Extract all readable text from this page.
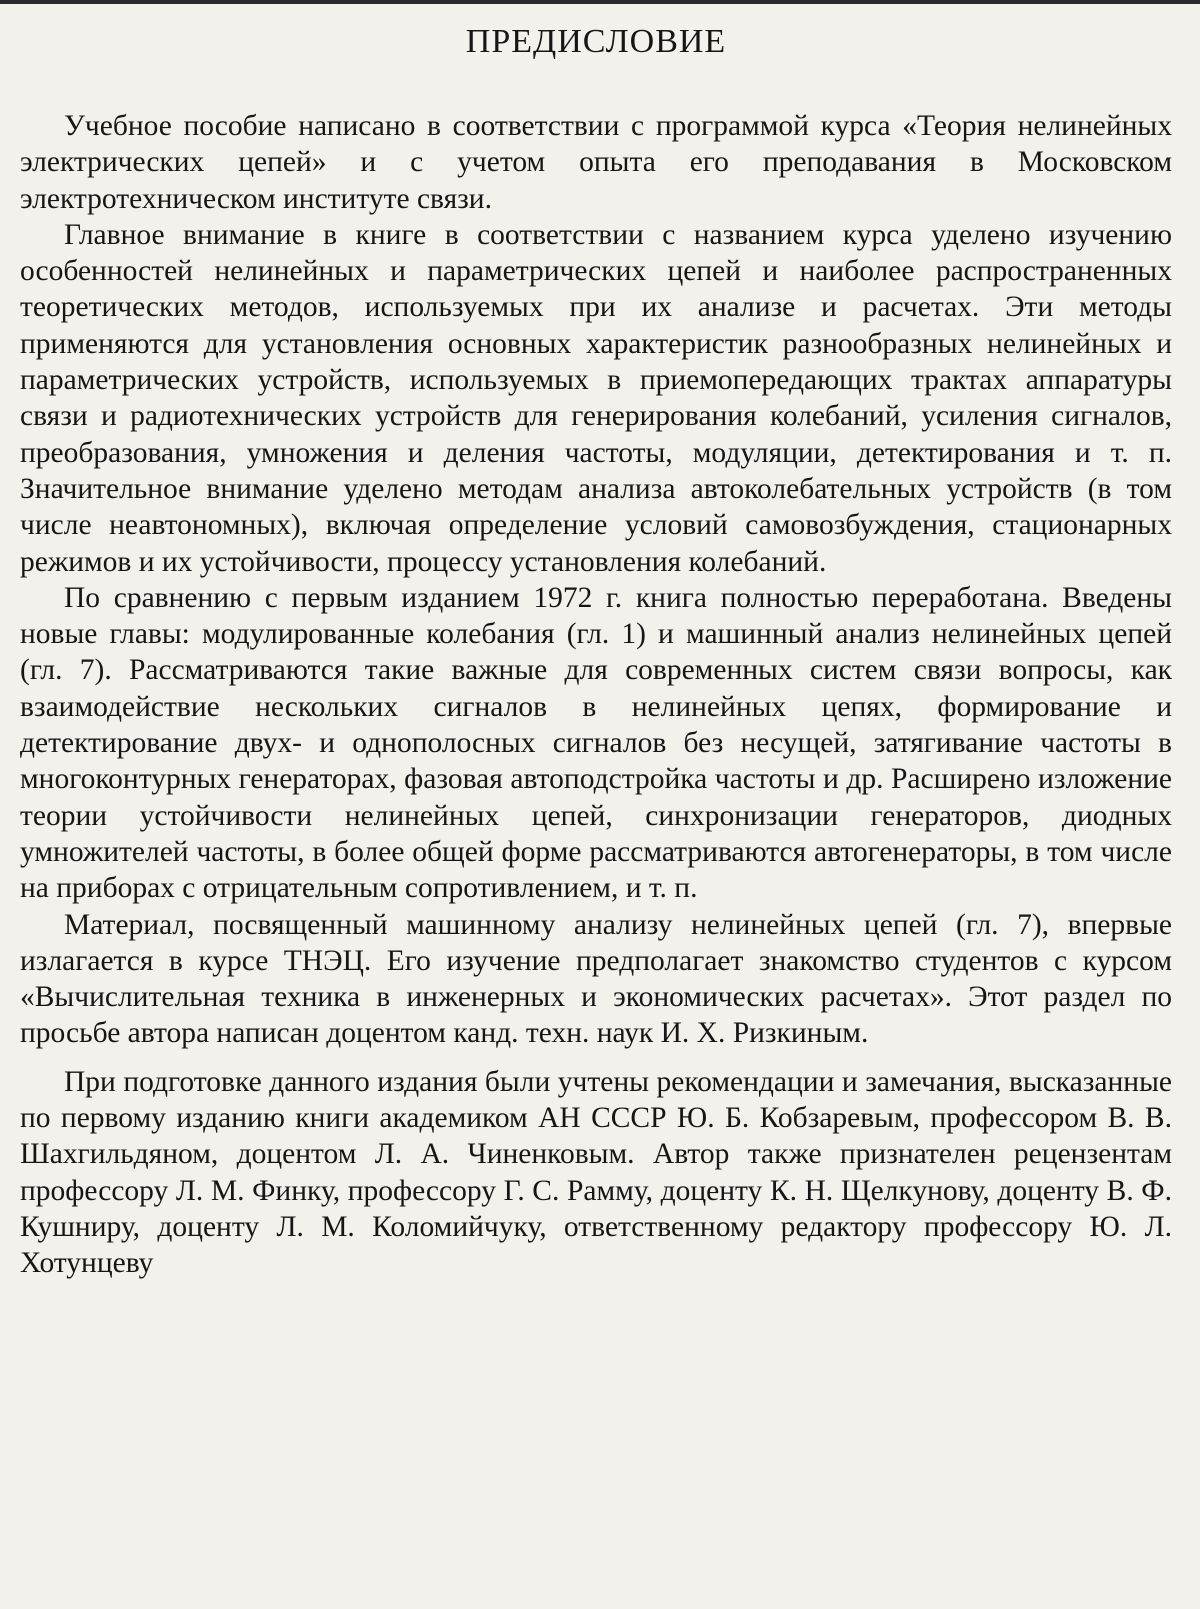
ПРЕДИСЛОВИЕ

Учебное пособие написано в соответствии с программой курса «Теория нелинейных электрических цепей» и с учетом опыта его преподавания в Московском электротехническом институте связи.

Главное внимание в книге в соответствии с названием курса уделено изучению особенностей нелинейных и параметрических цепей и наиболее распространенных теоретических методов, используемых при их анализе и расчетах. Эти методы применяются для установления основных характеристик разнообразных нелинейных и параметрических устройств, используемых в приемопередающих трактах аппаратуры связи и радиотехнических устройств для генерирования колебаний, усиления сигналов, преобразования, умножения и деления частоты, модуляции, детектирования и т. п. Значительное внимание уделено методам анализа автоколебательных устройств (в том числе неавтономных), включая определение условий самовозбуждения, стационарных режимов и их устойчивости, процессу установления колебаний.

По сравнению с первым изданием 1972 г. книга полностью переработана. Введены новые главы: модулированные колебания (гл. 1) и машинный анализ нелинейных цепей (гл. 7). Рассматриваются такие важные для современных систем связи вопросы, как взаимодействие нескольких сигналов в нелинейных цепях, формирование и детектирование двух- и однополосных сигналов без несущей, затягивание частоты в многоконтурных генераторах, фазовая автоподстройка частоты и др. Расширено изложение теории устойчивости нелинейных цепей, синхронизации генераторов, диодных умножителей частоты, в более общей форме рассматриваются автогенераторы, в том числе на приборах с отрицательным сопротивлением, и т. п.

Материал, посвященный машинному анализу нелинейных цепей (гл. 7), впервые излагается в курсе ТНЭЦ. Его изучение предполагает знакомство студентов с курсом «Вычислительная техника в инженерных и экономических расчетах». Этот раздел по просьбе автора написан доцентом канд. техн. наук И. Х. Ризкиным.

При подготовке данного издания были учтены рекомендации и замечания, высказанные по первому изданию книги академиком АН СССР Ю. Б. Кобзаревым, профессором В. В. Шахгильдяном, доцентом Л. А. Чиненковым. Автор также признателен рецензентам профессору Л. М. Финку, профессору Г. С. Рамму, доценту К. Н. Щелкунову, доценту В. Ф. Кушниру, доценту Л. М. Коломийчуку, ответственному редактору профессору Ю. Л. Хотунцеву
